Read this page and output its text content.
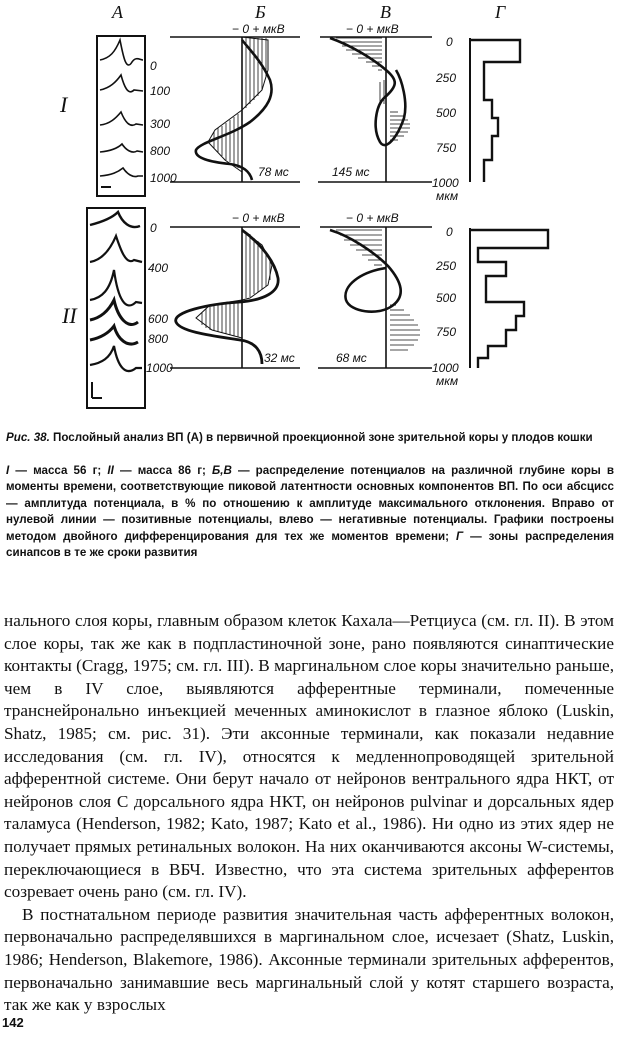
А	Б	В	Г
I
II
0
100
300
800
1000
− 0 + мкВ
78 мс
− 0 + мкВ
145 мс
0
250
500
750
1000
мкм
0
400
600
800
1000
− 0 + мкВ
32 мс
− 0 + мкВ
68 мс
0
250
500
750
1000
мкм
Рис. 38. Послойный анализ ВП (А) в первичной проекционной зоне зрительной коры у плодов кошки
I — масса 56 г; II — масса 86 г; Б,В — распределение потенциалов на различной глубине коры в моменты времени, соответствующие пиковой латентности основных компонентов ВП. По оси абсцисс — амплитуда потенциала, в % по отношению к амплитуде максимального отклонения. Вправо от нулевой линии — позитивные потенциалы, влево — негативные потенциалы. Графики построены методом двойного дифференцирования для тех же моментов времени; Г — зоны распределения синапсов в те же сроки развития

нального слоя коры, главным образом клеток Кахала—Ретциуса (см. гл. II). В этом слое коры, так же как в подпластиночной зоне, рано появляются синаптические контакты (Cragg, 1975; см. гл. III). В маргинальном слое коры значительно раньше, чем в IV слое, выявляются афферентные терминали, помеченные транснейронально инъекцией меченных аминокислот в глазное яблоко (Luskin, Shatz, 1985; см. рис. 31). Эти аксонные терминали, как показали недавние исследования (см. гл. IV), относятся к медленнопроводящей зрительной афферентной системе. Они берут начало от нейронов вентрального ядра НКТ, от нейронов слоя С дорсального ядра НКТ, он нейронов pulvinar и дорсальных ядер таламуса (Henderson, 1982; Kato, 1987; Kato et al., 1986). Ни одно из этих ядер не получает прямых ретинальных волокон. На них оканчиваются аксоны W-системы, переключающиеся в ВБЧ. Известно, что эта система зрительных афферентов созревает очень рано (см. гл. IV).

В постнатальном периоде развития значительная часть афферентных волокон, первоначально распределявшихся в маргинальном слое, исчезает (Shatz, Luskin, 1986; Henderson, Blakemore, 1986). Аксонные терминали зрительных афферентов, первоначально занимавшие весь маргинальный слой у котят старшего возраста, так же как у взрослых

142
